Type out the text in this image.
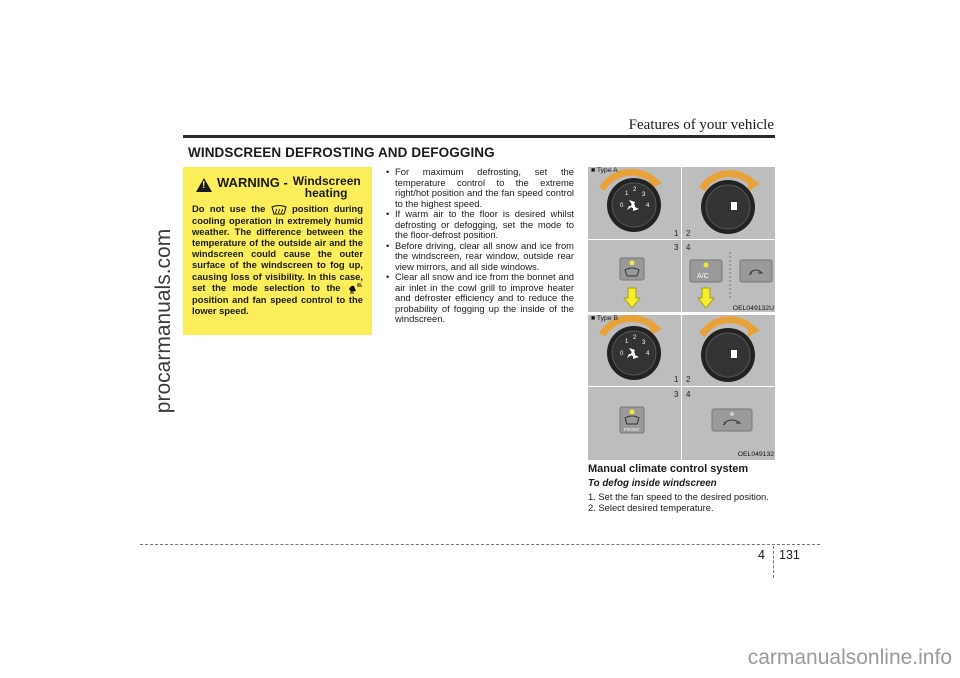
procarmanuals.com
Features of your vehicle
WINDSCREEN DEFROSTING AND DEFOGGING
!
WARNING - Windscreen
heating
Do not use the  position during cooling operation in extremely humid weather. The difference between the temperature of the outside air and the windscreen could cause the outer surface of the windscreen to fog up, causing loss of visibility. In this case, set the mode selection to the  position and fan speed control to the lower speed.
• For maximum defrosting, set the temperature control to the extreme right/hot position and the fan speed control to the highest speed.
• If warm air to the floor is desired whilst defrosting or defogging, set the mode to the floor-defrost position.
• Before driving, clear all snow and ice from the windscreen, rear window, outside rear view mirrors, and all side windows.
• Clear all snow and ice from the bonnet and air inlet in the cowl grill to improve heater and defroster efficiency and to reduce the probability of fogging up the inside of the windscreen.
0
1
2
3
4
A/C
0
1
2
3
4
FRONT
■ Type A
■ Type B
OEL049132U
OEL049132
1 2
3 4
1 2
3 4
Manual climate control system
To defog inside windscreen
1. Set the fan speed to the desired position.
2. Select desired temperature.
4 131
carmanualsonline.info
